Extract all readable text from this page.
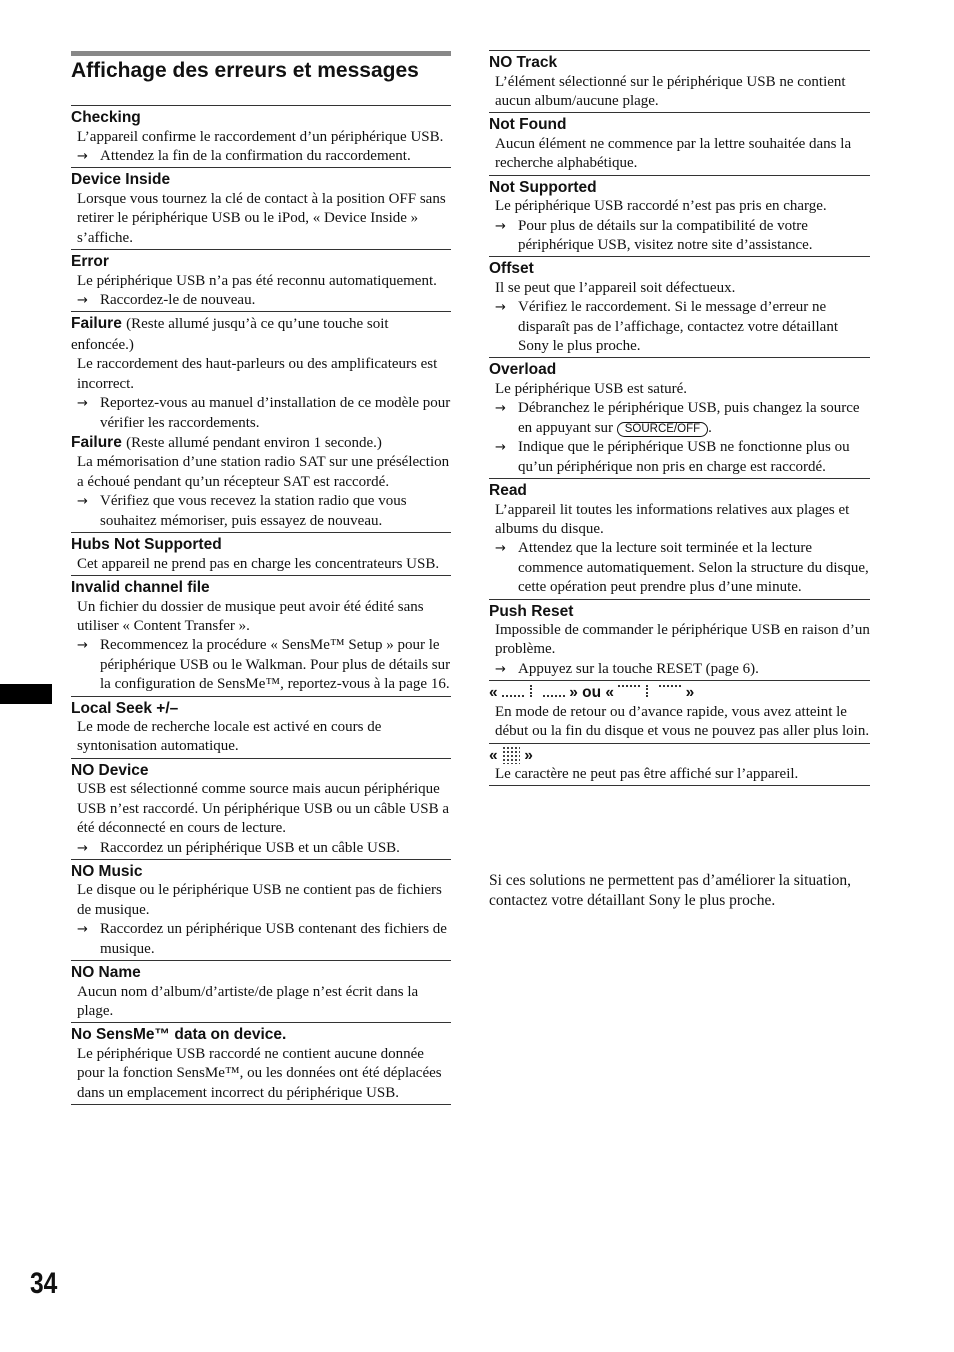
Affichage des erreurs et messages
Checking
L’appareil confirme le raccordement d’un périphérique USB.
→ Attendez la fin de la confirmation du raccordement.
Device Inside
Lorsque vous tournez la clé de contact à la position OFF sans retirer le périphérique USB ou le iPod, « Device Inside » s’affiche.
Error
Le périphérique USB n’a pas été reconnu automatiquement.
→ Raccordez-le de nouveau.
Failure (Reste allumé jusqu’à ce qu’une touche soit enfoncée.)
Le raccordement des haut-parleurs ou des amplificateurs est incorrect.
→ Reportez-vous au manuel d’installation de ce modèle pour vérifier les raccordements.
Failure (Reste allumé pendant environ 1 seconde.)
La mémorisation d’une station radio SAT sur une présélection a échoué pendant qu’un récepteur SAT est raccordé.
→ Vérifiez que vous recevez la station radio que vous souhaitez mémoriser, puis essayez de nouveau.
Hubs Not Supported
Cet appareil ne prend pas en charge les concentrateurs USB.
Invalid channel file
Un fichier du dossier de musique peut avoir été édité sans utiliser « Content Transfer ».
→ Recommencez la procédure « SensMe™ Setup » pour le périphérique USB ou le Walkman. Pour plus de détails sur la configuration de SensMe™, reportez-vous à la page 16.
Local Seek +/–
Le mode de recherche locale est activé en cours de syntonisation automatique.
NO Device
USB est sélectionné comme source mais aucun périphérique USB n’est raccordé. Un périphérique USB ou un câble USB a été déconnecté en cours de lecture.
→ Raccordez un périphérique USB et un câble USB.
NO Music
Le disque ou le périphérique USB ne contient pas de fichiers de musique.
→ Raccordez un périphérique USB contenant des fichiers de musique.
NO Name
Aucun nom d’album/d’artiste/de plage n’est écrit dans la plage.
No SensMe™ data on device.
Le périphérique USB raccordé ne contient aucune donnée pour la fonction SensMe™, ou les données ont été déplacées dans un emplacement incorrect du périphérique USB.
NO Track
L’élément sélectionné sur le périphérique USB ne contient aucun album/aucune plage.
Not Found
Aucun élément ne commence par la lettre souhaitée dans la recherche alphabétique.
Not Supported
Le périphérique USB raccordé n’est pas pris en charge.
→ Pour plus de détails sur la compatibilité de votre périphérique USB, visitez notre site d’assistance.
Offset
Il se peut que l’appareil soit défectueux.
→ Vérifiez le raccordement. Si le message d’erreur ne disparaît pas de l’affichage, contactez votre détaillant Sony le plus proche.
Overload
Le périphérique USB est saturé.
→ Débranchez le périphérique USB, puis changez la source en appuyant sur SOURCE/OFF .
→ Indique que le périphérique USB ne fonctionne plus ou qu’un périphérique non pris en charge est raccordé.
Read
L’appareil lit toutes les informations relatives aux plages et albums du disque.
→ Attendez que la lecture soit terminée et la lecture commence automatiquement. Selon la structure du disque, cette opération peut prendre plus d’une minute.
Push Reset
Impossible de commander le périphérique USB en raison d’un problème.
→ Appuyez sur la touche RESET (page 6).
«	» ou «	»
En mode de retour ou d’avance rapide, vous avez atteint le début ou la fin du disque et vous ne pouvez pas aller plus loin.
« »
Le caractère ne peut pas être affiché sur l’appareil.
Si ces solutions ne permettent pas d’améliorer la situation, contactez votre détaillant Sony le plus proche.
34
